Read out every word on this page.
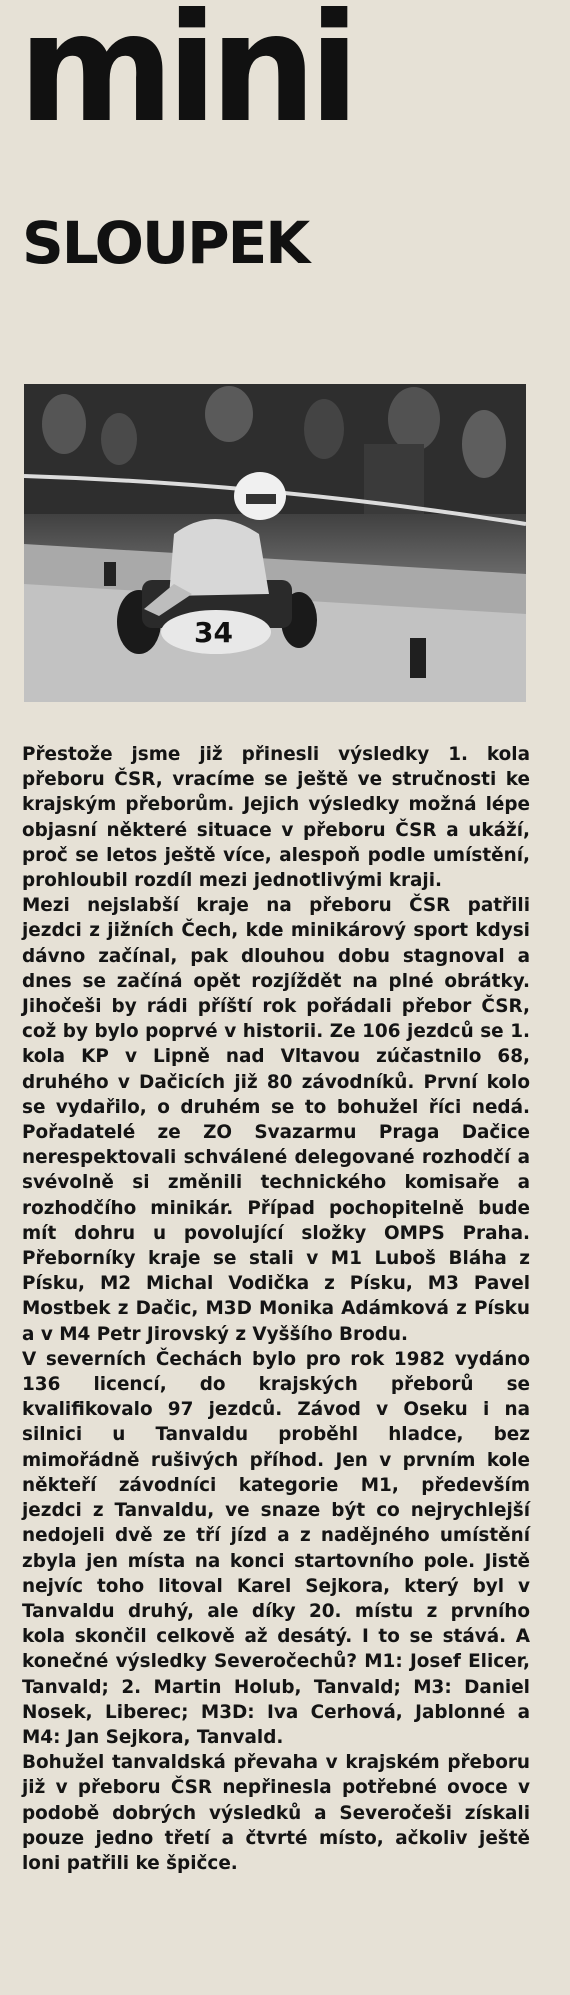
mini
SLOUPEK
34

Přestože jsme již přinesli výsledky 1. kola přeboru ČSR, vracíme se ještě ve stručnosti ke krajským přeborům. Jejich výsledky možná lépe objasní některé situace v přeboru ČSR a ukáží, proč se letos ještě více, alespoň podle umístění, prohloubil rozdíl mezi jednotlivými kraji.

Mezi nejslabší kraje na přeboru ČSR patřili jezdci z jižních Čech, kde minikárový sport kdysi dávno začínal, pak dlouhou dobu stagnoval a dnes se začíná opět rozjíždět na plné obrátky. Jihočeši by rádi příští rok pořádali přebor ČSR, což by bylo poprvé v historii. Ze 106 jezdců se 1. kola KP v Lipně nad Vltavou zúčastnilo 68, druhého v Dačicích již 80 závodníků. První kolo se vydařilo, o druhém se to bohužel říci nedá. Pořadatelé ze ZO Svazarmu Praga Dačice nerespektovali schválené delegované rozhodčí a svévolně si změnili technického komisaře a rozhodčího minikár. Případ pochopitelně bude mít dohru u povolující složky OMPS Praha. Přeborníky kraje se stali v M1 Luboš Bláha z Písku, M2 Michal Vodička z Písku, M3 Pavel Mostbek z Dačic, M3D Monika Adámková z Písku a v M4 Petr Jirovský z Vyššího Brodu.

V severních Čechách bylo pro rok 1982 vydáno 136 licencí, do krajských přeborů se kvalifikovalo 97 jezdců. Závod v Oseku i na silnici u Tanvaldu proběhl hladce, bez mimořádně rušivých příhod. Jen v prvním kole někteří závodníci kategorie M1, především jezdci z Tanvaldu, ve snaze být co nejrychlejší nedojeli dvě ze tří jízd a z nadějného umístění zbyla jen místa na konci startovního pole. Jistě nejvíc toho litoval Karel Sejkora, který byl v Tanvaldu druhý, ale díky 20. místu z prvního kola skončil celkově až desátý. I to se stává. A konečné výsledky Severočechů? M1: Josef Elicer, Tanvald; 2. Martin Holub, Tanvald; M3: Daniel Nosek, Liberec; M3D: Iva Cerhová, Jablonné a M4: Jan Sejkora, Tanvald.

Bohužel tanvaldská převaha v krajském přeboru již v přeboru ČSR nepřinesla potřebné ovoce v podobě dobrých výsledků a Severočeši získali pouze jedno třetí a čtvrté místo, ačkoliv ještě loni patřili ke špičce.
